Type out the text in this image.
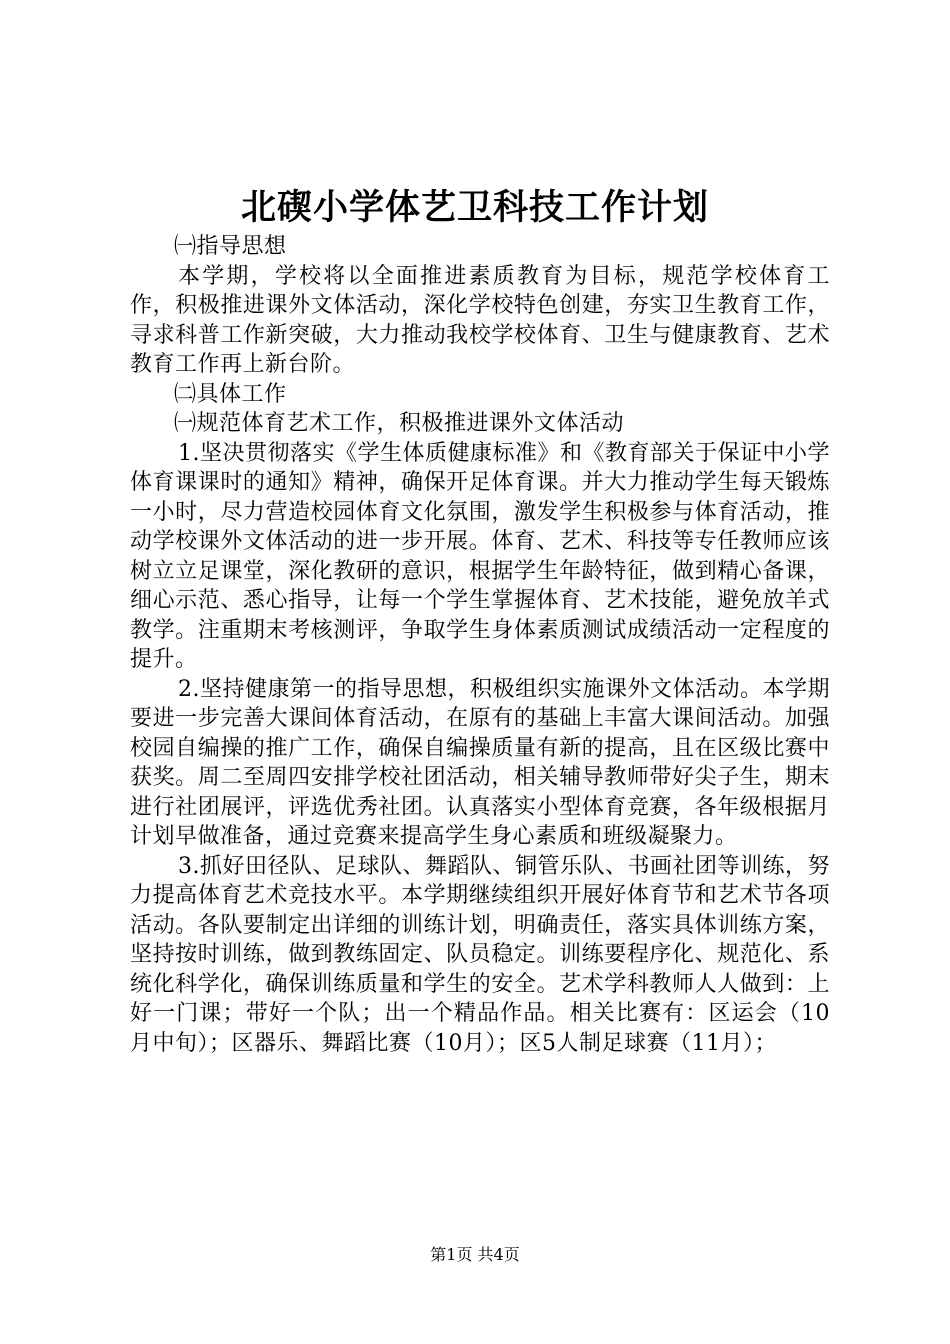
北碶小学体艺卫科技工作计划

㈠指导思想

本学期，学校将以全面推进素质教育为目标，规范学校体育工作，积极推进课外文体活动，深化学校特色创建，夯实卫生教育工作，寻求科普工作新突破，大力推动我校学校体育、卫生与健康教育、艺术教育工作再上新台阶。

㈡具体工作

㈠规范体育艺术工作，积极推进课外文体活动

1.坚决贯彻落实《学生体质健康标准》和《教育部关于保证中小学体育课课时的通知》精神，确保开足体育课。并大力推动学生每天锻炼一小时，尽力营造校园体育文化氛围，激发学生积极参与体育活动，推动学校课外文体活动的进一步开展。体育、艺术、科技等专任教师应该树立立足课堂，深化教研的意识，根据学生年龄特征，做到精心备课，细心示范、悉心指导，让每一个学生掌握体育、艺术技能，避免放羊式教学。注重期末考核测评，争取学生身体素质测试成绩活动一定程度的提升。

2.坚持健康第一的指导思想，积极组织实施课外文体活动。本学期要进一步完善大课间体育活动，在原有的基础上丰富大课间活动。加强校园自编操的推广工作，确保自编操质量有新的提高，且在区级比赛中获奖。周二至周四安排学校社团活动，相关辅导教师带好尖子生，期末进行社团展评，评选优秀社团。认真落实小型体育竞赛，各年级根据月计划早做准备，通过竞赛来提高学生身心素质和班级凝聚力。

3.抓好田径队、足球队、舞蹈队、铜管乐队、书画社团等训练，努力提高体育艺术竞技水平。本学期继续组织开展好体育节和艺术节各项活动。各队要制定出详细的训练计划，明确责任，落实具体训练方案，坚持按时训练，做到教练固定、队员稳定。训练要程序化、规范化、系统化科学化，确保训练质量和学生的安全。艺术学科教师人人做到：上好一门课；带好一个队；出一个精品作品。相关比赛有：区运会（10月中旬）；区器乐、舞蹈比赛（10月）；区5人制足球赛（11月）；

第1页 共4页
